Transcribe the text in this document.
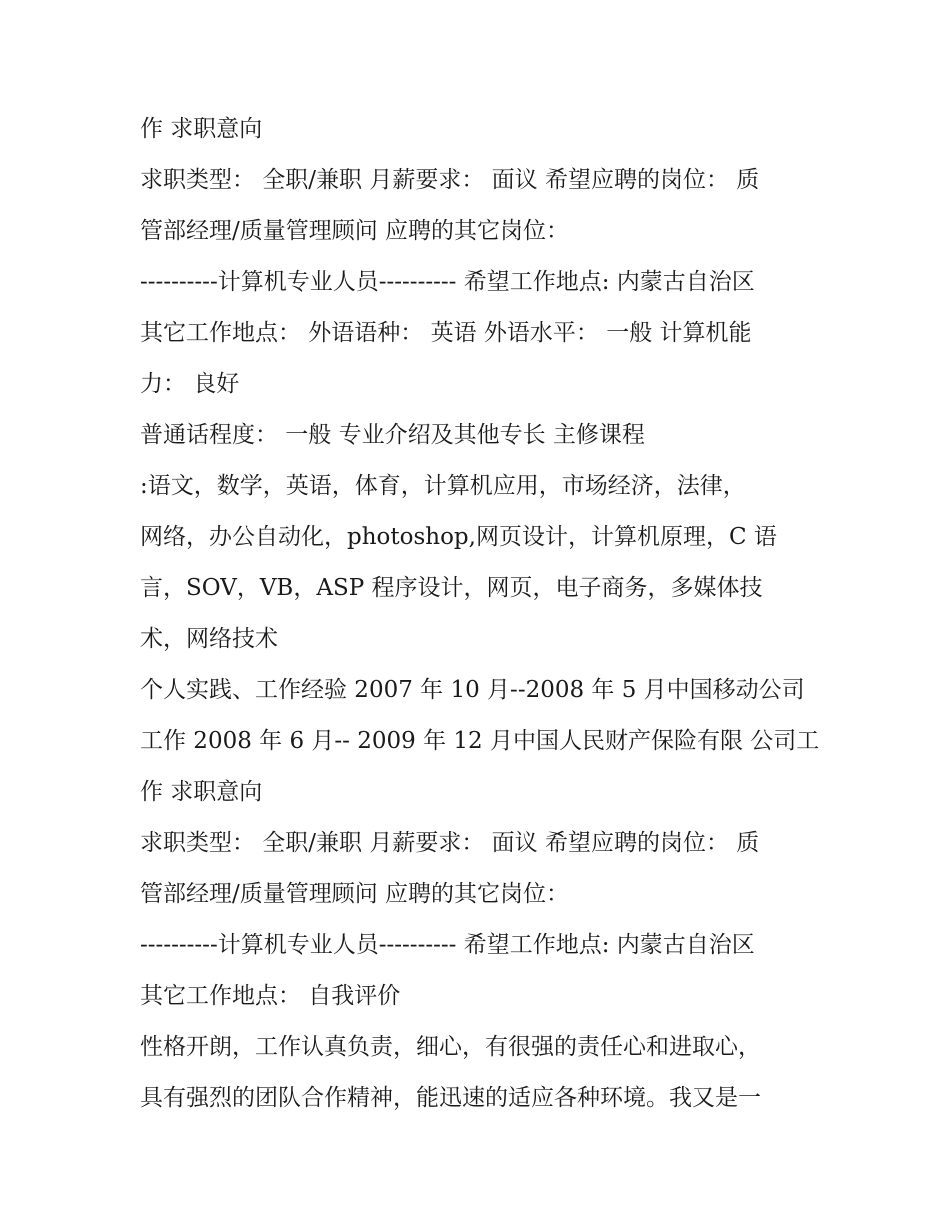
作 求职意向
求职类型： 全职/兼职 月薪要求： 面议 希望应聘的岗位： 质
管部经理/质量管理顾问 应聘的其它岗位：
----------计算机专业人员---------- 希望工作地点: 内蒙古自治区
其它工作地点： 外语语种： 英语 外语水平： 一般 计算机能
力： 良好
普通话程度： 一般 专业介绍及其他专长 主修课程
:语文，数学，英语，体育，计算机应用，市场经济，法律，
网络，办公自动化，photoshop,网页设计，计算机原理，C 语
言，SOV，VB，ASP 程序设计，网页，电子商务，多媒体技
术，网络技术
个人实践、工作经验 2007 年 10 月--2008 年 5 月中国移动公司
工作 2008 年 6 月-- 2009 年 12 月中国人民财产保险有限 公司工
作 求职意向
求职类型： 全职/兼职 月薪要求： 面议 希望应聘的岗位： 质
管部经理/质量管理顾问 应聘的其它岗位：
----------计算机专业人员---------- 希望工作地点: 内蒙古自治区
其它工作地点： 自我评价
性格开朗，工作认真负责，细心，有很强的责任心和进取心，
具有强烈的团队合作精神，能迅速的适应各种环境。我又是一
